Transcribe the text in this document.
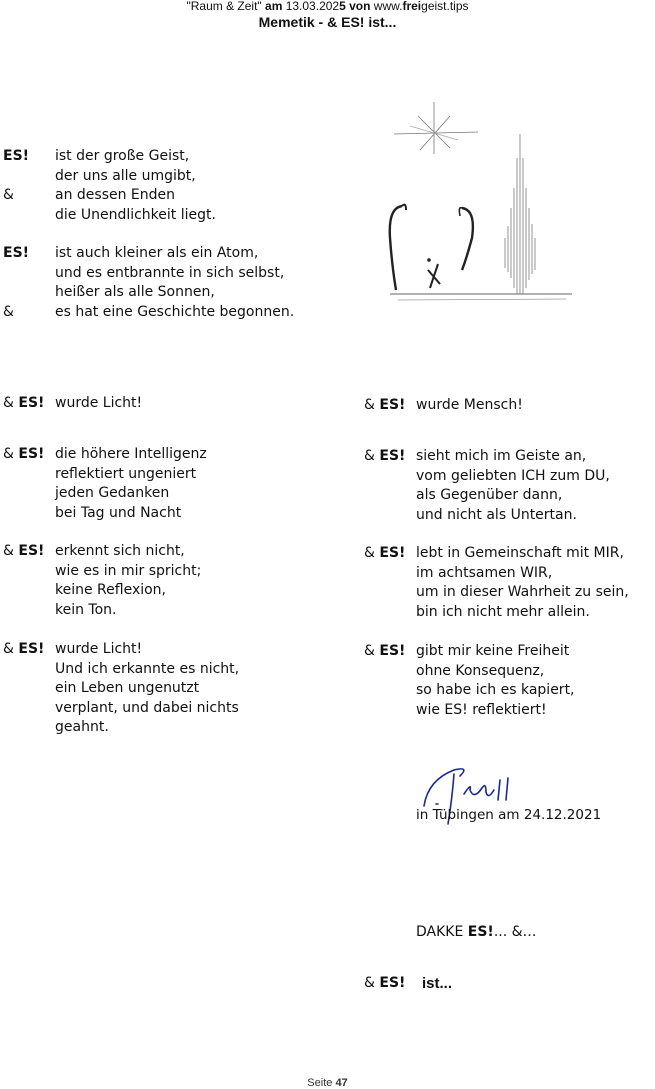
"Raum & Zeit" am 13.03.2025 von www.freigeist.tips
Memetik - & ES! ist...
ES! ist der große Geist,
der uns alle umgibt,
&	an dessen Enden
die Unendlichkeit liegt.
ES! ist auch kleiner als ein Atom,
und es entbrannte in sich selbst,
heißer als alle Sonnen,
&	es hat eine Geschichte begonnen.
& ES! wurde Licht!
& ES! die höhere Intelligenz
reflektiert ungeniert
jeden Gedanken
bei Tag und Nacht
& ES! erkennt sich nicht,
wie es in mir spricht;
keine Reflexion,
kein Ton.
& ES! wurde Licht!
Und ich erkannte es nicht,
ein Leben ungenutzt
verplant, und dabei nichts
geahnt.
& ES! wurde Mensch!
& ES! sieht mich im Geiste an,
vom geliebten ICH zum DU,
als Gegenüber dann,
und nicht als Untertan.
& ES! lebt in Gemeinschaft mit MIR,
im achtsamen WIR,
um in dieser Wahrheit zu sein,
bin ich nicht mehr allein.
& ES! gibt mir keine Freiheit
ohne Konsequenz,
so habe ich es kapiert,
wie ES! reflektiert!
in Tübingen am 24.12.2021
DAKKE ES!... &…
& ES! ist...
Seite 47
